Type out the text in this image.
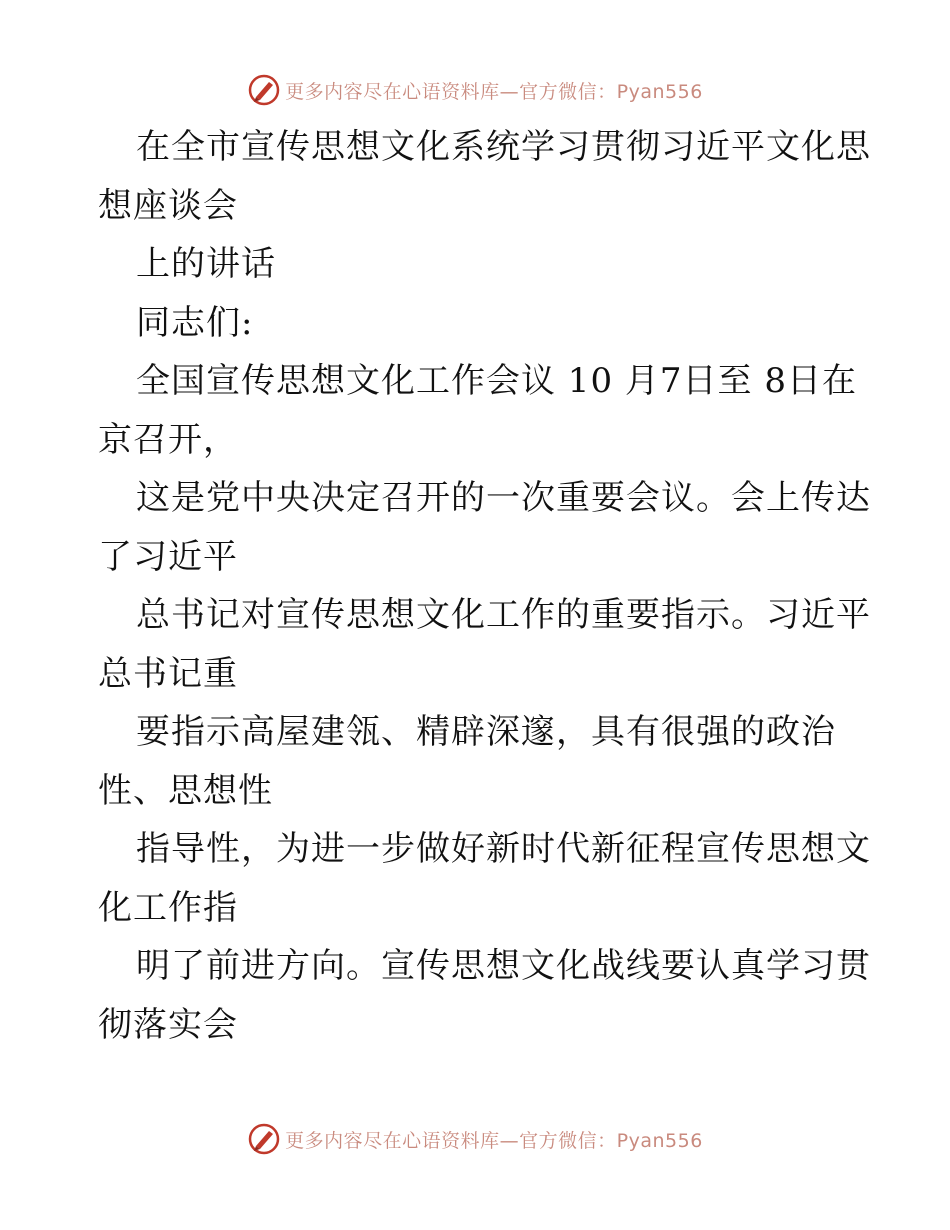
更多内容尽在心语资料库—官方微信：Pyan556
在全市宣传思想文化系统学习贯彻习近平文化思
想座谈会
上的讲话
同志们:
全国宣传思想文化工作会议 10 月7日至 8日在
京召开，
这是党中央决定召开的一次重要会议。会上传达
了习近平
总书记对宣传思想文化工作的重要指示。习近平
总书记重
要指示高屋建瓴、精辟深邃，具有很强的政治
性、思想性
指导性，为进一步做好新时代新征程宣传思想文
化工作指
明了前进方向。宣传思想文化战线要认真学习贯
彻落实会
更多内容尽在心语资料库—官方微信：Pyan556
